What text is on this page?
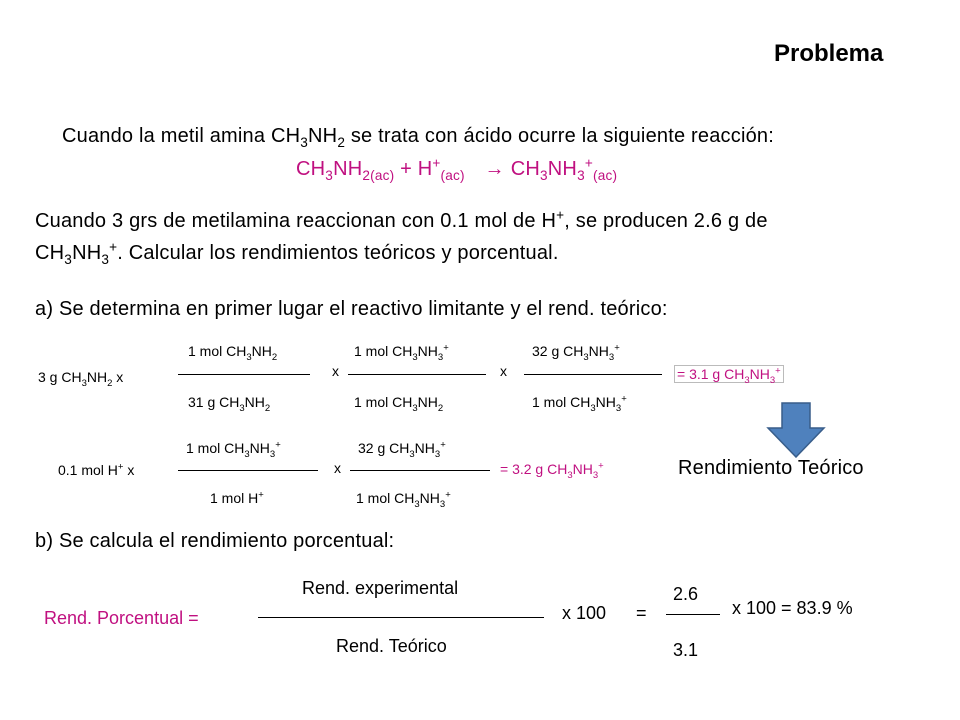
Problema
Cuando la metil amina $CH_3NH_2$ se trata con ácido ocurre la siguiente reacción:
$CH_3NH_{2(ac)} + H^+_{(ac)} \to CH_3NH_3^+_{(ac)}$
Cuando 3 grs de metilamina reaccionan con 0.1 mol de H+, se producen 2.6 g de
$CH_3NH_3^+$. Calcular los rendimientos teóricos y porcentual.
a) Se determina en primer lugar el reactivo limitante y el rend. teórico:
3 g $CH_3NH_2$ x
1 mol $CH_3NH_2$
31 g $CH_3NH_2$
x
1 mol $CH_3NH_3^+$
1 mol $CH_3NH_2$
x
32 g $CH_3NH_3^+$
1 mol $CH_3NH_3^+$
= 3.1 g $CH_3NH_3^+$
0.1 mol H+ x
1 mol $CH_3NH_3^+$
1 mol H+
x
32 g $CH_3NH_3^+$
1 mol $CH_3NH_3^+$
= 3.2 g $CH_3NH_3^+$	Rendimiento Teórico
b) Se calcula el rendimiento porcentual:
Rend. Porcentual =
Rend. experimental
Rend. Teórico
x 100 =
2.6
3.1
x 100 = 83.9 %
